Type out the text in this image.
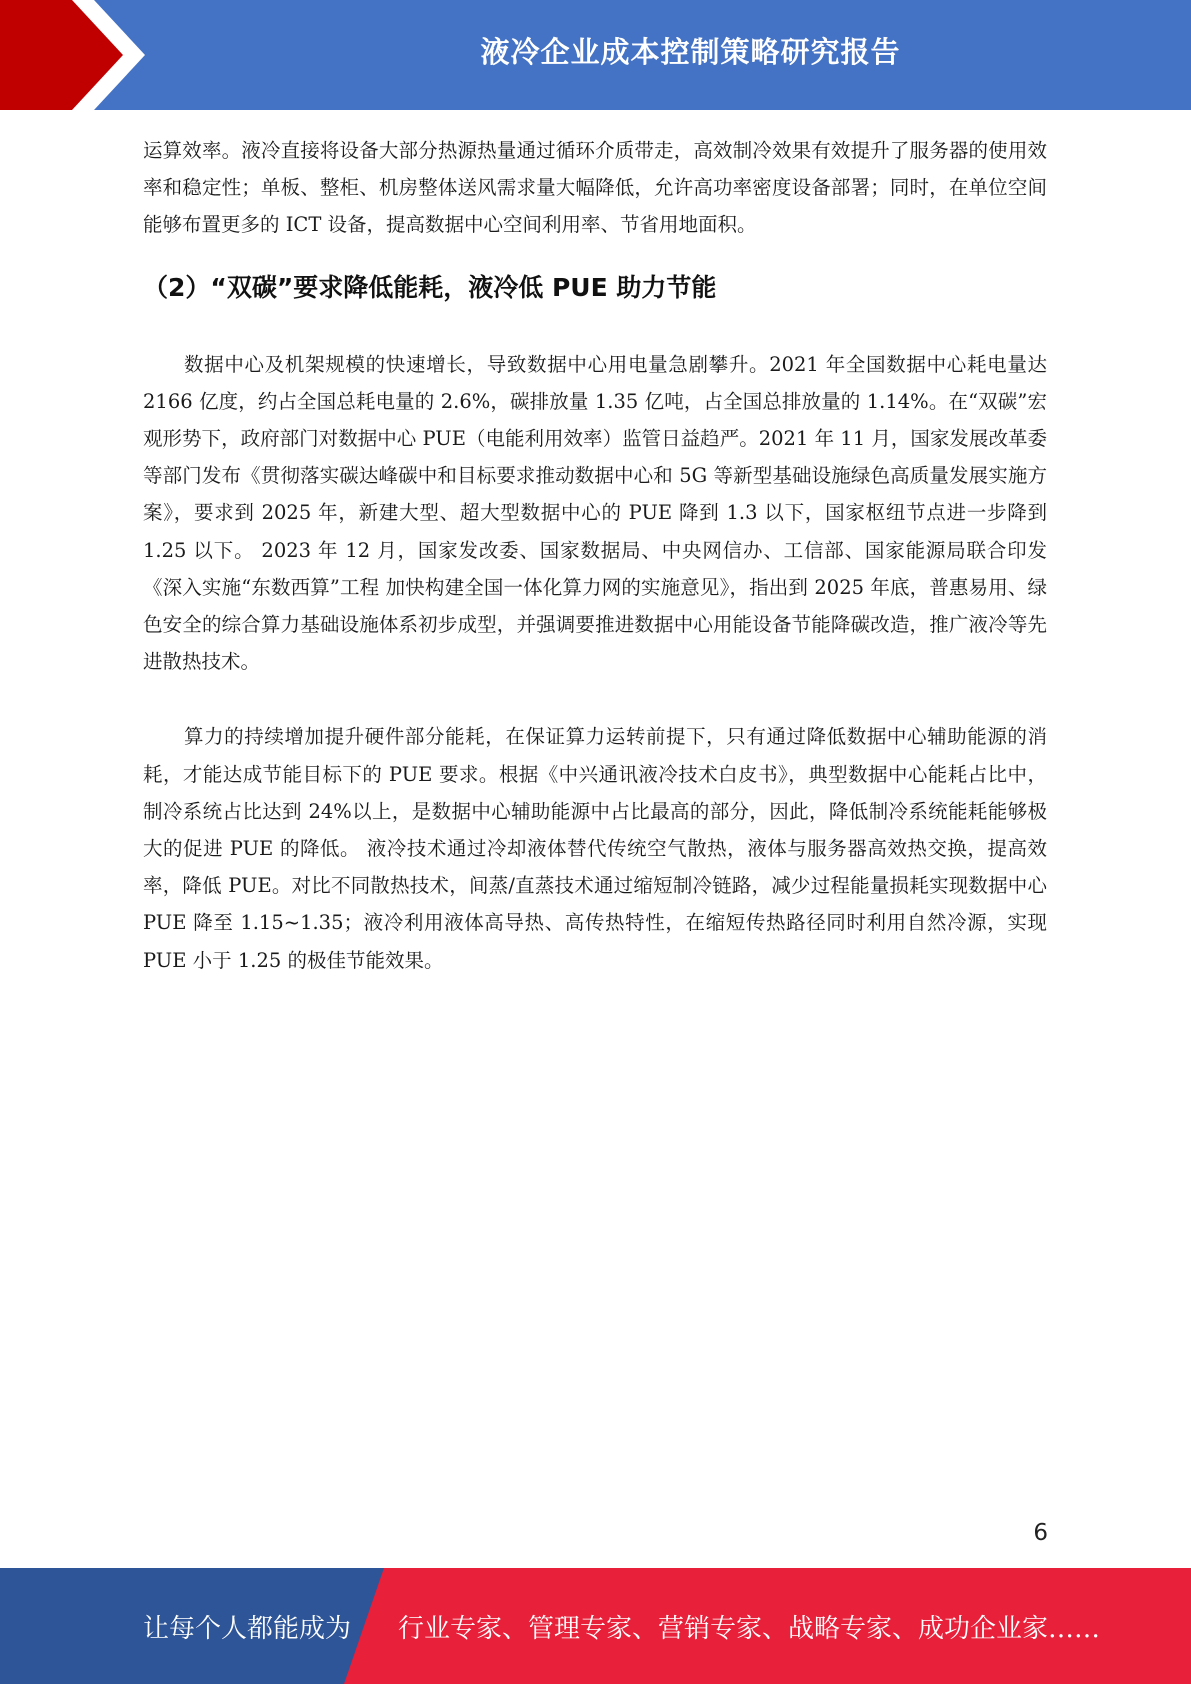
液冷企业成本控制策略研究报告

运算效率。液冷直接将设备大部分热源热量通过循环介质带走，高效制冷效果有效提升了服务器的使用效率和稳定性；单板、整柜、机房整体送风需求量大幅降低，允许高功率密度设备部署；同时，在单位空间能够布置更多的 ICT 设备，提高数据中心空间利用率、节省用地面积。

（2）“双碳”要求降低能耗，液冷低 PUE 助力节能

数据中心及机架规模的快速增长，导致数据中心用电量急剧攀升。2021 年全国数据中心耗电量达 2166 亿度，约占全国总耗电量的 2.6%，碳排放量 1.35 亿吨，占全国总排放量的 1.14%。在“双碳”宏观形势下，政府部门对数据中心 PUE（电能利用效率）监管日益趋严。2021 年 11 月，国家发展改革委等部门发布《贯彻落实碳达峰碳中和目标要求推动数据中心和 5G 等新型基础设施绿色高质量发展实施方案》，要求到 2025 年，新建大型、超大型数据中心的 PUE 降到 1.3 以下，国家枢纽节点进一步降到 1.25 以下。 2023 年 12 月，国家发改委、国家数据局、中央网信办、工信部、国家能源局联合印发《深入实施“东数西算”工程 加快构建全国一体化算力网的实施意见》，指出到 2025 年底，普惠易用、绿色安全的综合算力基础设施体系初步成型，并强调要推进数据中心用能设备节能降碳改造，推广液冷等先进散热技术。

算力的持续增加提升硬件部分能耗，在保证算力运转前提下，只有通过降低数据中心辅助能源的消耗，才能达成节能目标下的 PUE 要求。根据《中兴通讯液冷技术白皮书》，典型数据中心能耗占比中，制冷系统占比达到 24%以上，是数据中心辅助能源中占比最高的部分，因此，降低制冷系统能耗能够极大的促进 PUE 的降低。 液冷技术通过冷却液体替代传统空气散热，液体与服务器高效热交换，提高效率，降低 PUE。对比不同散热技术，间蒸/直蒸技术通过缩短制冷链路，减少过程能量损耗实现数据中心 PUE 降至 1.15~1.35；液冷利用液体高导热、高传热特性，在缩短传热路径同时利用自然冷源，实现 PUE 小于 1.25 的极佳节能效果。

6
让每个人都能成为 行业专家、管理专家、营销专家、战略专家、成功企业家……
